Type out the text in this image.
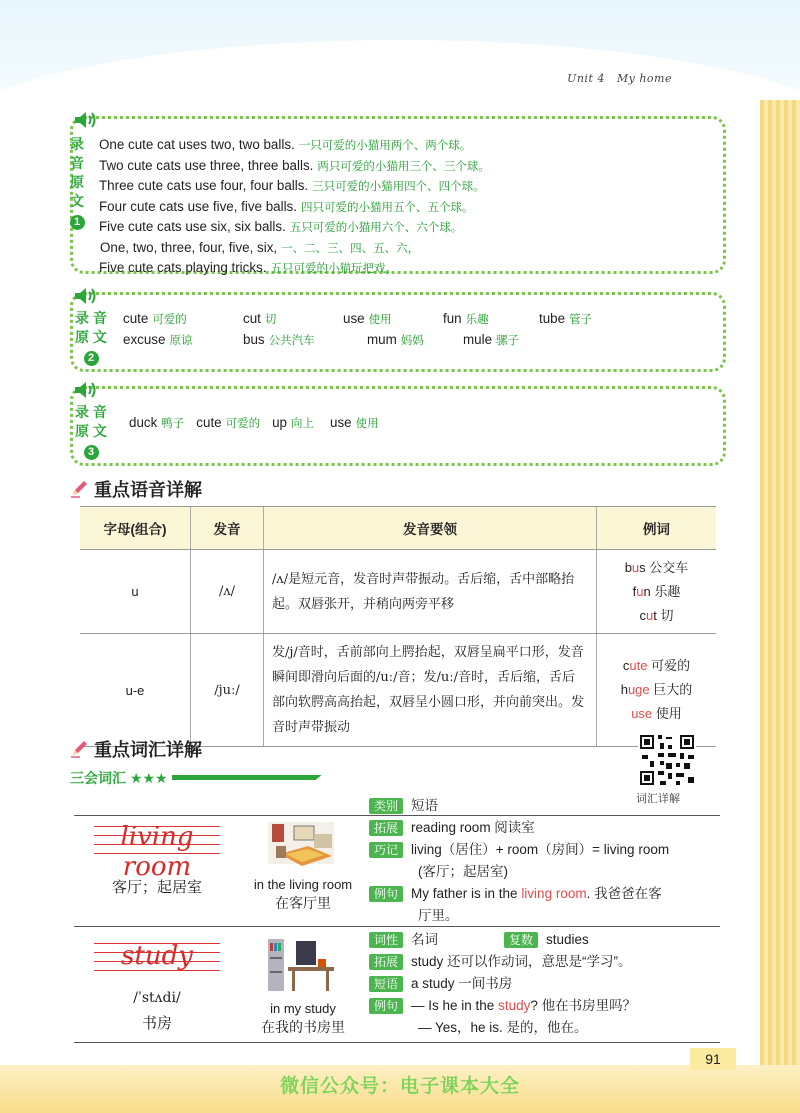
Unit 4 My home
录
音
原
文
1
One cute cat uses two, two balls. 一只可爱的小猫用两个、两个球。
Two cute cats use three, three balls. 两只可爱的小猫用三个、三个球。
Three cute cats use four, four balls. 三只可爱的小猫用四个、四个球。
Four cute cats use five, five balls. 四只可爱的小猫用五个、五个球。
Five cute cats use six, six balls. 五只可爱的小猫用六个、六个球。
One, two, three, four, five, six, 一、二、三、四、五、六，
Five cute cats playing tricks. 五只可爱的小猫玩把戏。
录 音
原 文
2
cute 可爱的	cut 切	use 使用	fun 乐趣	tube 管子
excuse 原谅	bus 公共汽车	mum 妈妈	mule 骡子
录 音
原 文
3
duck 鸭子 cute 可爱的 up 向上 use 使用
重点语音详解
字母(组合)	发音	发音要领	例词
u	/ʌ/	/ʌ/是短元音，发音时声带振动。舌后缩，舌中部略抬起。双唇张开，并稍向两旁平移	bus 公交车
fun 乐趣
cut 切

u-e	/juː/	发/j/音时，舌前部向上腭抬起，双唇呈扁平口形，发音瞬间即滑向后面的/uː/音；发/uː/音时，舌后缩，舌后部向软腭高高抬起，双唇呈小圆口形，并向前突出。发音时声带振动	cute 可爱的
huge 巨大的
use 使用
重点词汇详解
三会词汇 ★★★
词汇详解
living room
客厅；起居室	in the living room
在客厅里
类别 短语
拓展 reading room 阅读室
巧记 living（居住）+ room（房间）= living room
(客厅；起居室)
例句 My father is in the living room. 我爸爸在客
厅里。
study
/ˈstʌdi/
书房
in my study
在我的书房里
词性 名词	复数 studies
拓展 study 还可以作动词，意思是“学习”。
短语 a study 一间书房
例句 — Is he in the study? 他在书房里吗？
— Yes，he is. 是的，他在。
91
微信公众号：电子课本大全
